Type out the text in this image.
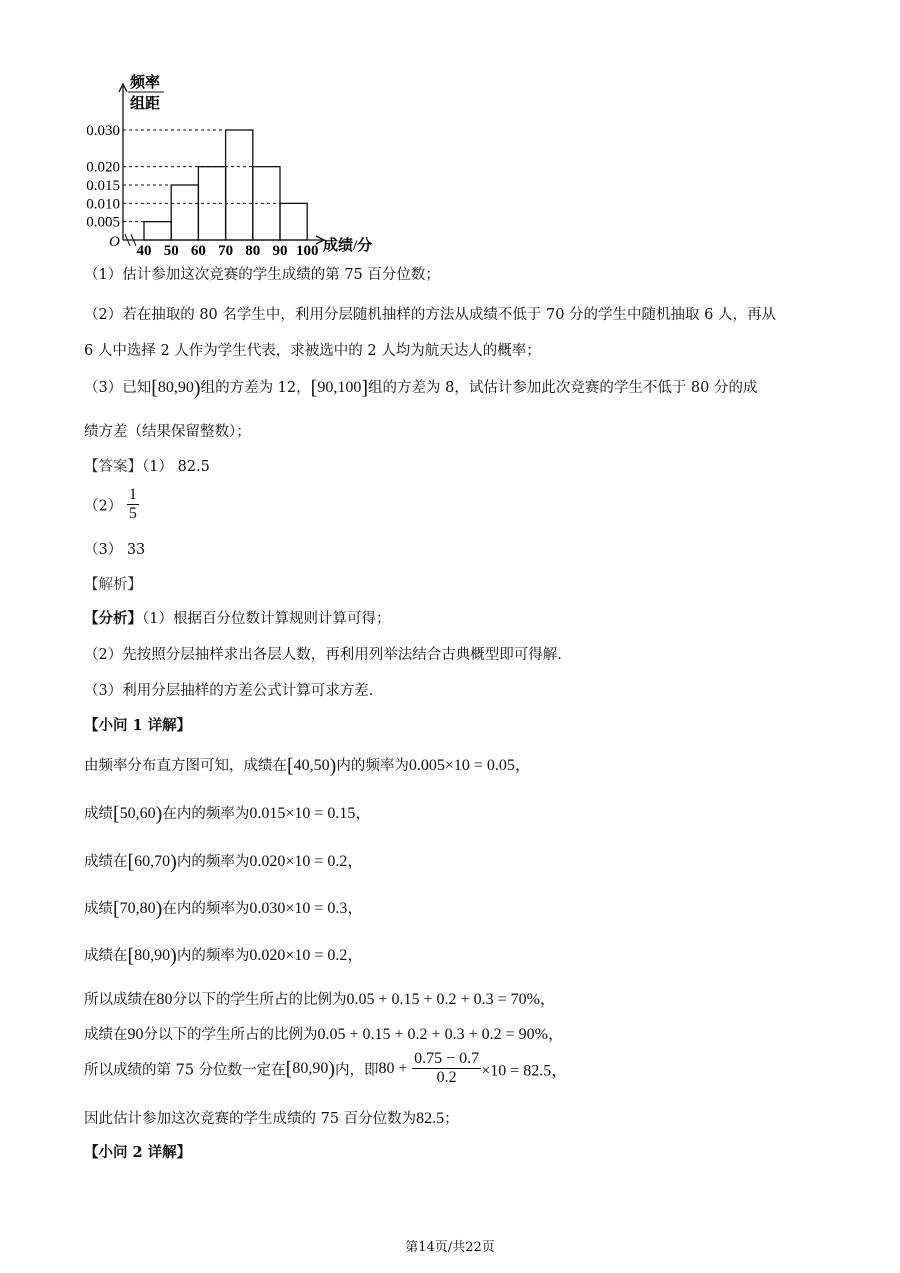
0.005
0.010
0.015
0.020
0.030
40 50 60 70 80 90 100
频率
组距
O	成绩/分
（1）估计参加这次竞赛的学生成绩的第 75 百分位数；
（2）若在抽取的 80 名学生中，利用分层随机抽样的方法从成绩不低于 70 分的学生中随机抽取 6 人，再从
6 人中选择 2 人作为学生代表，求被选中的 2 人均为航天达人的概率；
（3）已知[80,90)组的方差为 12，[90,100]组的方差为 8，试估计参加此次竞赛的学生不低于 80 分的成
绩方差（结果保留整数）；
【答案】（1） 82.5
$(2) \frac{1}{5}$
（3） 33
【解析】
【分析】（1）根据百分位数计算规则计算可得；
（2）先按照分层抽样求出各层人数，再利用列举法结合古典概型即可得解.
（3）利用分层抽样的方差公式计算可求方差.
【小问 1 详解】
由频率分布直方图可知，成绩在[40,50)内的频率为0.005×10 = 0.05，
成绩[50,60)在内的频率为0.015×10 = 0.15，
成绩在[60,70)内的频率为0.020×10 = 0.2，
成绩[70,80)在内的频率为0.030×10 = 0.3，
成绩在[80,90)内的频率为0.020×10 = 0.2，
所以成绩在80分以下的学生所占的比例为0.05 + 0.15 + 0.2 + 0.3 = 70%，
成绩在90分以下的学生所占的比例为0.05 + 0.15 + 0.2 + 0.3 + 0.2 = 90%，
所以成绩的第 75 分位数一定在[80,90)内，即$80 + \frac{0.75 - 0.7}{0.2} \times 10 = 82.5$，
因此估计参加这次竞赛的学生成绩的 75 百分位数为82.5；
【小问 2 详解】
第14页/共22页
